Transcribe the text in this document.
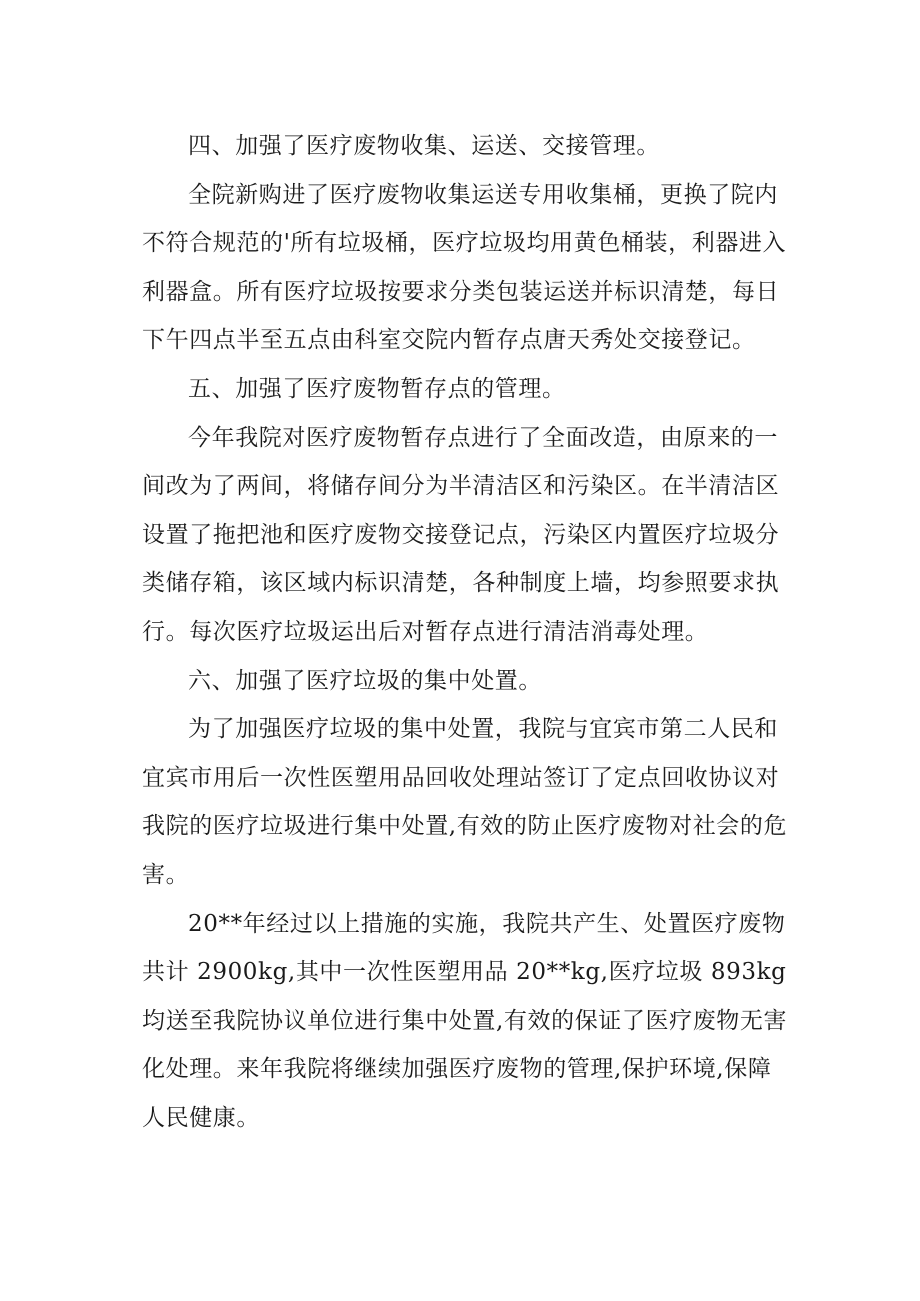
四、加强了医疗废物收集、运送、交接管理。

全院新购进了医疗废物收集运送专用收集桶，更换了院内不符合规范的'所有垃圾桶，医疗垃圾均用黄色桶装，利器进入利器盒。所有医疗垃圾按要求分类包装运送并标识清楚，每日下午四点半至五点由科室交院内暂存点唐天秀处交接登记。

五、加强了医疗废物暂存点的管理。

今年我院对医疗废物暂存点进行了全面改造，由原来的一间改为了两间，将储存间分为半清洁区和污染区。在半清洁区设置了拖把池和医疗废物交接登记点，污染区内置医疗垃圾分类储存箱，该区域内标识清楚，各种制度上墙，均参照要求执行。每次医疗垃圾运出后对暂存点进行清洁消毒处理。

六、加强了医疗垃圾的集中处置。

为了加强医疗垃圾的集中处置，我院与宜宾市第二人民和宜宾市用后一次性医塑用品回收处理站签订了定点回收协议对我院的医疗垃圾进行集中处置,有效的防止医疗废物对社会的危害。

20**年经过以上措施的实施，我院共产生、处置医疗废物共计 2900kg,其中一次性医塑用品 20**kg,医疗垃圾 893kg 均送至我院协议单位进行集中处置,有效的保证了医疗废物无害化处理。来年我院将继续加强医疗废物的管理,保护环境,保障人民健康。
